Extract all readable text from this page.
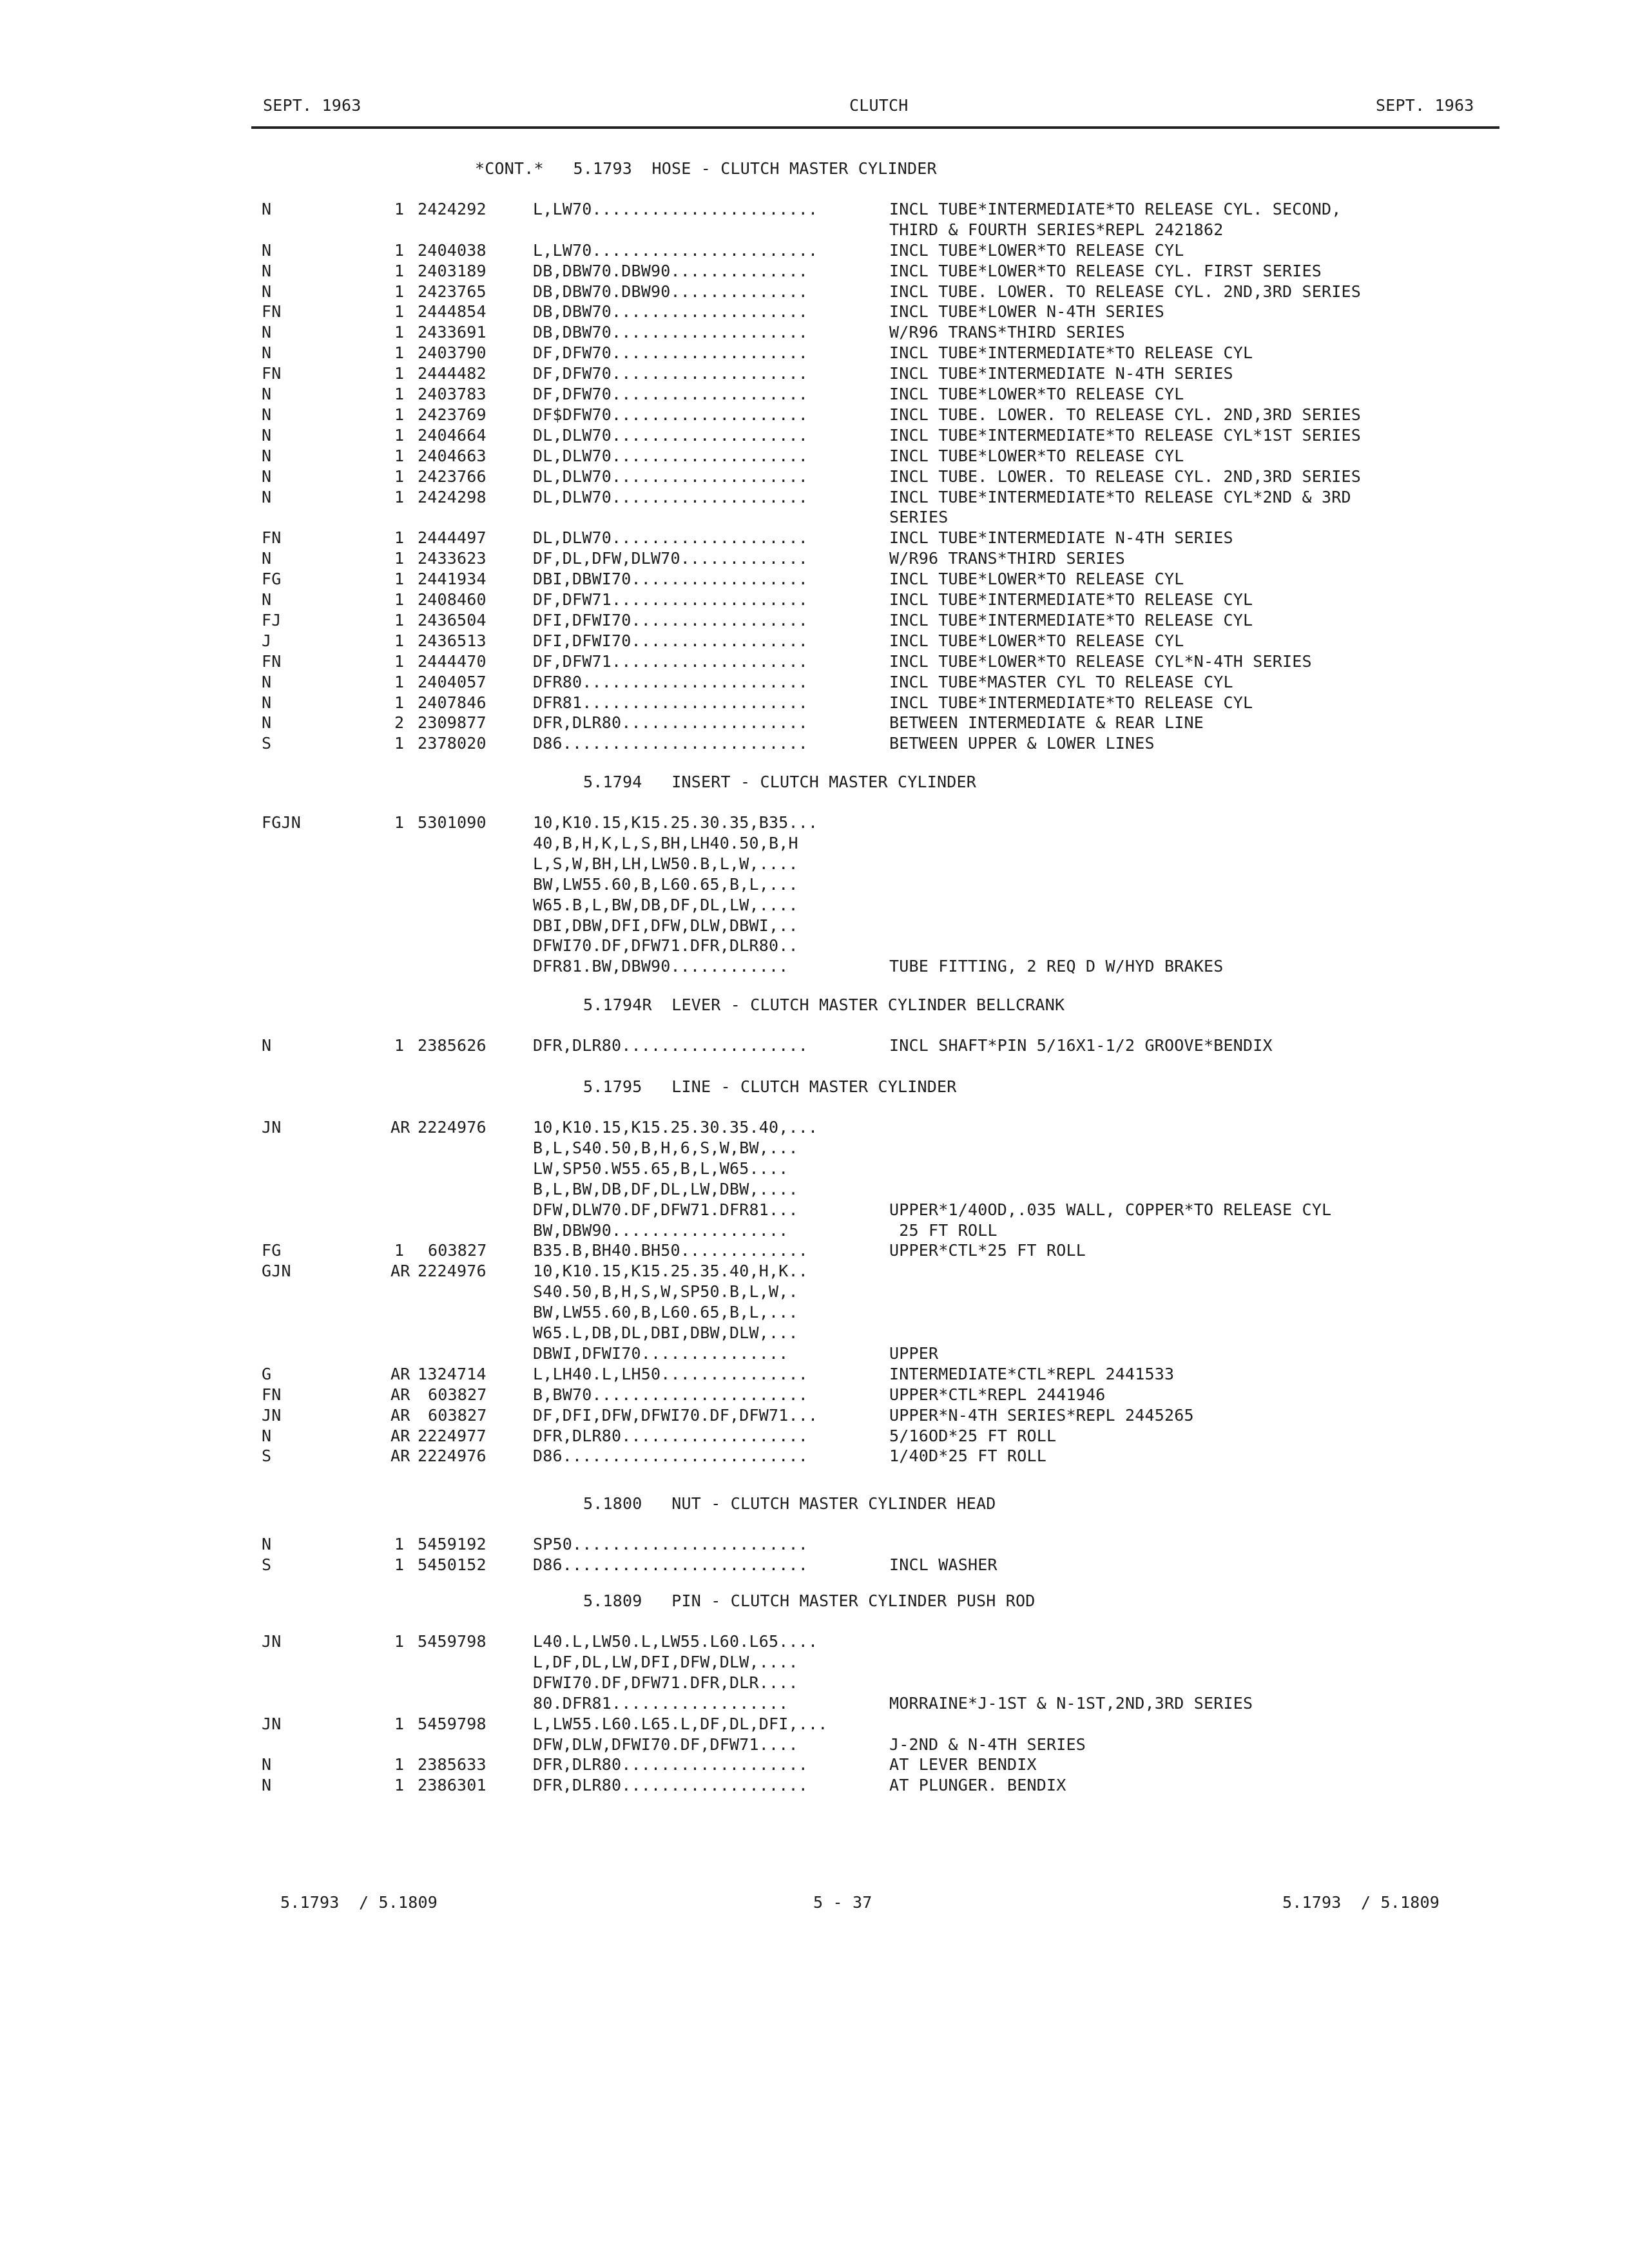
SEPT. 1963	CLUTCH	SEPT. 1963
*CONT.*   5.1793  HOSE - CLUTCH MASTER CYLINDER
N	1 2424292	L,LW70.......................	INCL TUBE*INTERMEDIATE*TO RELEASE CYL. SECOND,
THIRD & FOURTH SERIES*REPL 2421862
N	1 2404038	L,LW70.......................	INCL TUBE*LOWER*TO RELEASE CYL
N	1 2403189	DB,DBW70.DBW90..............	INCL TUBE*LOWER*TO RELEASE CYL. FIRST SERIES
N	1 2423765	DB,DBW70.DBW90..............	INCL TUBE. LOWER. TO RELEASE CYL. 2ND,3RD SERIES
FN	1 2444854	DB,DBW70....................	INCL TUBE*LOWER N-4TH SERIES
N	1 2433691	DB,DBW70....................	W/R96 TRANS*THIRD SERIES
N	1 2403790	DF,DFW70....................	INCL TUBE*INTERMEDIATE*TO RELEASE CYL
FN	1 2444482	DF,DFW70....................	INCL TUBE*INTERMEDIATE N-4TH SERIES
N	1 2403783	DF,DFW70....................	INCL TUBE*LOWER*TO RELEASE CYL
N	1 2423769	DF$DFW70....................	INCL TUBE. LOWER. TO RELEASE CYL. 2ND,3RD SERIES
N	1 2404664	DL,DLW70....................	INCL TUBE*INTERMEDIATE*TO RELEASE CYL*1ST SERIES
N	1 2404663	DL,DLW70....................	INCL TUBE*LOWER*TO RELEASE CYL
N	1 2423766	DL,DLW70....................	INCL TUBE. LOWER. TO RELEASE CYL. 2ND,3RD SERIES
N	1 2424298	DL,DLW70....................	INCL TUBE*INTERMEDIATE*TO RELEASE CYL*2ND & 3RD
SERIES
FN	1 2444497	DL,DLW70....................	INCL TUBE*INTERMEDIATE N-4TH SERIES
N	1 2433623	DF,DL,DFW,DLW70.............	W/R96 TRANS*THIRD SERIES
FG	1 2441934	DBI,DBWI70..................	INCL TUBE*LOWER*TO RELEASE CYL
N	1 2408460	DF,DFW71....................	INCL TUBE*INTERMEDIATE*TO RELEASE CYL
FJ	1 2436504	DFI,DFWI70..................	INCL TUBE*INTERMEDIATE*TO RELEASE CYL
J	1 2436513	DFI,DFWI70..................	INCL TUBE*LOWER*TO RELEASE CYL
FN	1 2444470	DF,DFW71....................	INCL TUBE*LOWER*TO RELEASE CYL*N-4TH SERIES
N	1 2404057	DFR80.......................	INCL TUBE*MASTER CYL TO RELEASE CYL
N	1 2407846	DFR81.......................	INCL TUBE*INTERMEDIATE*TO RELEASE CYL
N	2 2309877	DFR,DLR80...................	BETWEEN INTERMEDIATE & REAR LINE
S	1 2378020	D86.........................	BETWEEN UPPER & LOWER LINES
5.1794   INSERT - CLUTCH MASTER CYLINDER
FGJN	1 5301090	10,K10.15,K15.25.30.35,B35...
40,B,H,K,L,S,BH,LH40.50,B,H
L,S,W,BH,LH,LW50.B,L,W,....
BW,LW55.60,B,L60.65,B,L,...
W65.B,L,BW,DB,DF,DL,LW,....
DBI,DBW,DFI,DFW,DLW,DBWI,..
DFWI70.DF,DFW71.DFR,DLR80..
DFR81.BW,DBW90............	TUBE FITTING, 2 REQ D W/HYD BRAKES
5.1794R  LEVER - CLUTCH MASTER CYLINDER BELLCRANK
N	1 2385626	DFR,DLR80...................	INCL SHAFT*PIN 5/16X1-1/2 GROOVE*BENDIX
5.1795   LINE - CLUTCH MASTER CYLINDER
JN	AR 2224976	10,K10.15,K15.25.30.35.40,...
B,L,S40.50,B,H,6,S,W,BW,...
LW,SP50.W55.65,B,L,W65....
B,L,BW,DB,DF,DL,LW,DBW,....
DFW,DLW70.DF,DFW71.DFR81...	UPPER*1/40OD,.035 WALL, COPPER*TO RELEASE CYL
BW,DBW90..................	25 FT ROLL
FG	1 603827	B35.B,BH40.BH50.............	UPPER*CTL*25 FT ROLL
GJN	AR 2224976	10,K10.15,K15.25.35.40,H,K..
S40.50,B,H,S,W,SP50.B,L,W,.
BW,LW55.60,B,L60.65,B,L,...
W65.L,DB,DL,DBI,DBW,DLW,...
DBWI,DFWI70...............	UPPER
G	AR 1324714	L,LH40.L,LH50...............	INTERMEDIATE*CTL*REPL 2441533
FN	AR 603827	B,BW70......................	UPPER*CTL*REPL 2441946
JN	AR 603827	DF,DFI,DFW,DFWI70.DF,DFW71...	UPPER*N-4TH SERIES*REPL 2445265
N	AR 2224977	DFR,DLR80...................	5/16OD*25 FT ROLL
S	AR 2224976	D86.........................	1/40D*25 FT ROLL
5.1800   NUT - CLUTCH MASTER CYLINDER HEAD
N	1 5459192	SP50........................
S	1 5450152	D86.........................	INCL WASHER
5.1809   PIN - CLUTCH MASTER CYLINDER PUSH ROD
JN	1 5459798	L40.L,LW50.L,LW55.L60.L65....
L,DF,DL,LW,DFI,DFW,DLW,....
DFWI70.DF,DFW71.DFR,DLR....
80.DFR81..................	MORRAINE*J-1ST & N-1ST,2ND,3RD SERIES
JN	1 5459798	L,LW55.L60.L65.L,DF,DL,DFI,...
DFW,DLW,DFWI70.DF,DFW71....	J-2ND & N-4TH SERIES
N	1 2385633	DFR,DLR80...................	AT LEVER BENDIX
N	1 2386301	DFR,DLR80...................	AT PLUNGER. BENDIX
5.1793  / 5.1809	5 - 37	5.1793  / 5.1809
